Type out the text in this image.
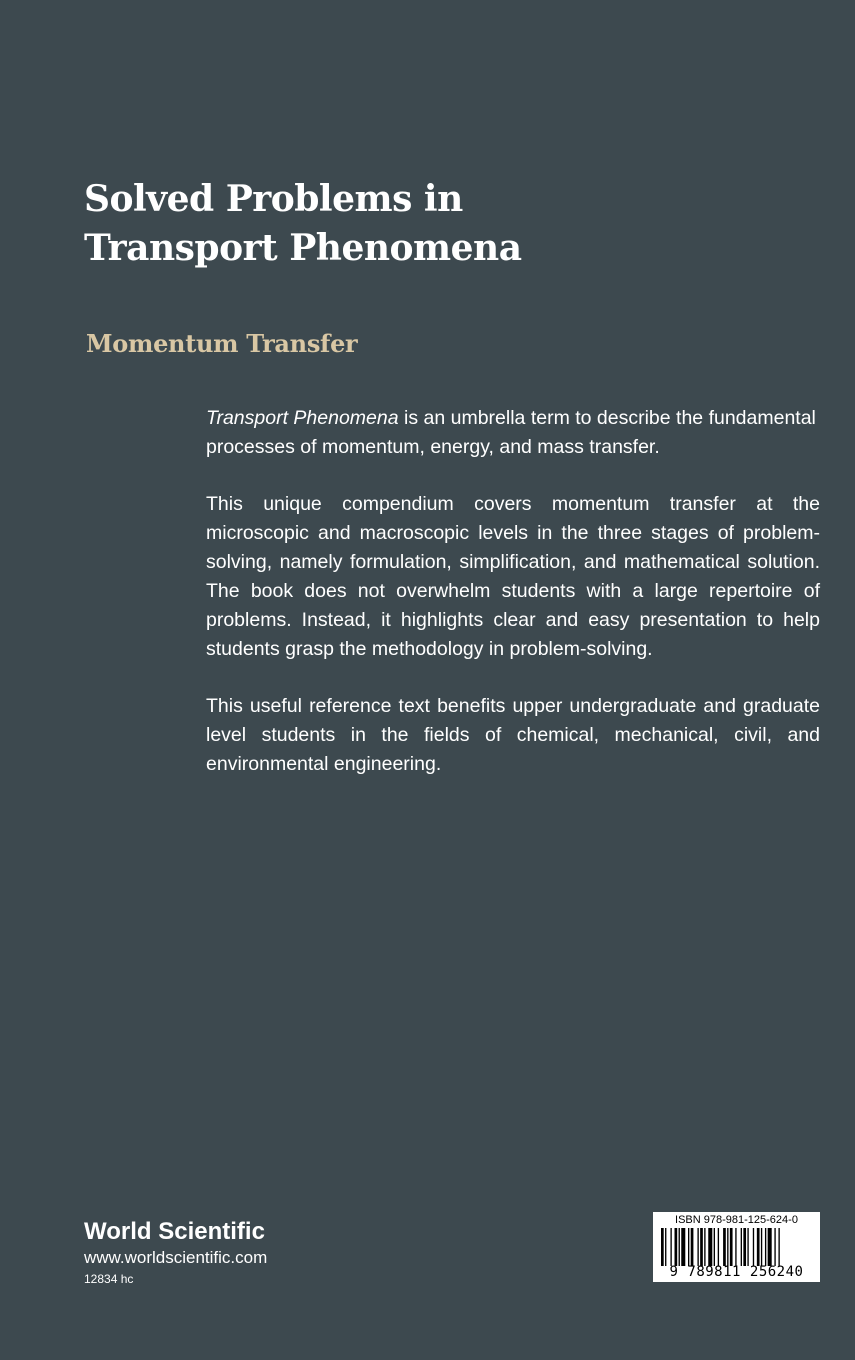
Solved Problems in Transport Phenomena
Momentum Transfer

Transport Phenomena is an umbrella term to describe the fundamental processes of momentum, energy, and mass transfer.

This unique compendium covers momentum transfer at the microscopic and macroscopic levels in the three stages of problem-solving, namely formulation, simplification, and mathematical solution. The book does not overwhelm students with a large repertoire of problems. Instead, it highlights clear and easy presentation to help students grasp the methodology in problem-solving.

This useful reference text benefits upper undergraduate and graduate level students in the fields of chemical, mechanical, civil, and environmental engineering.

World Scientific
www.worldscientific.com
12834 hc
ISBN 978-981-125-624-0
9 789811 256240
